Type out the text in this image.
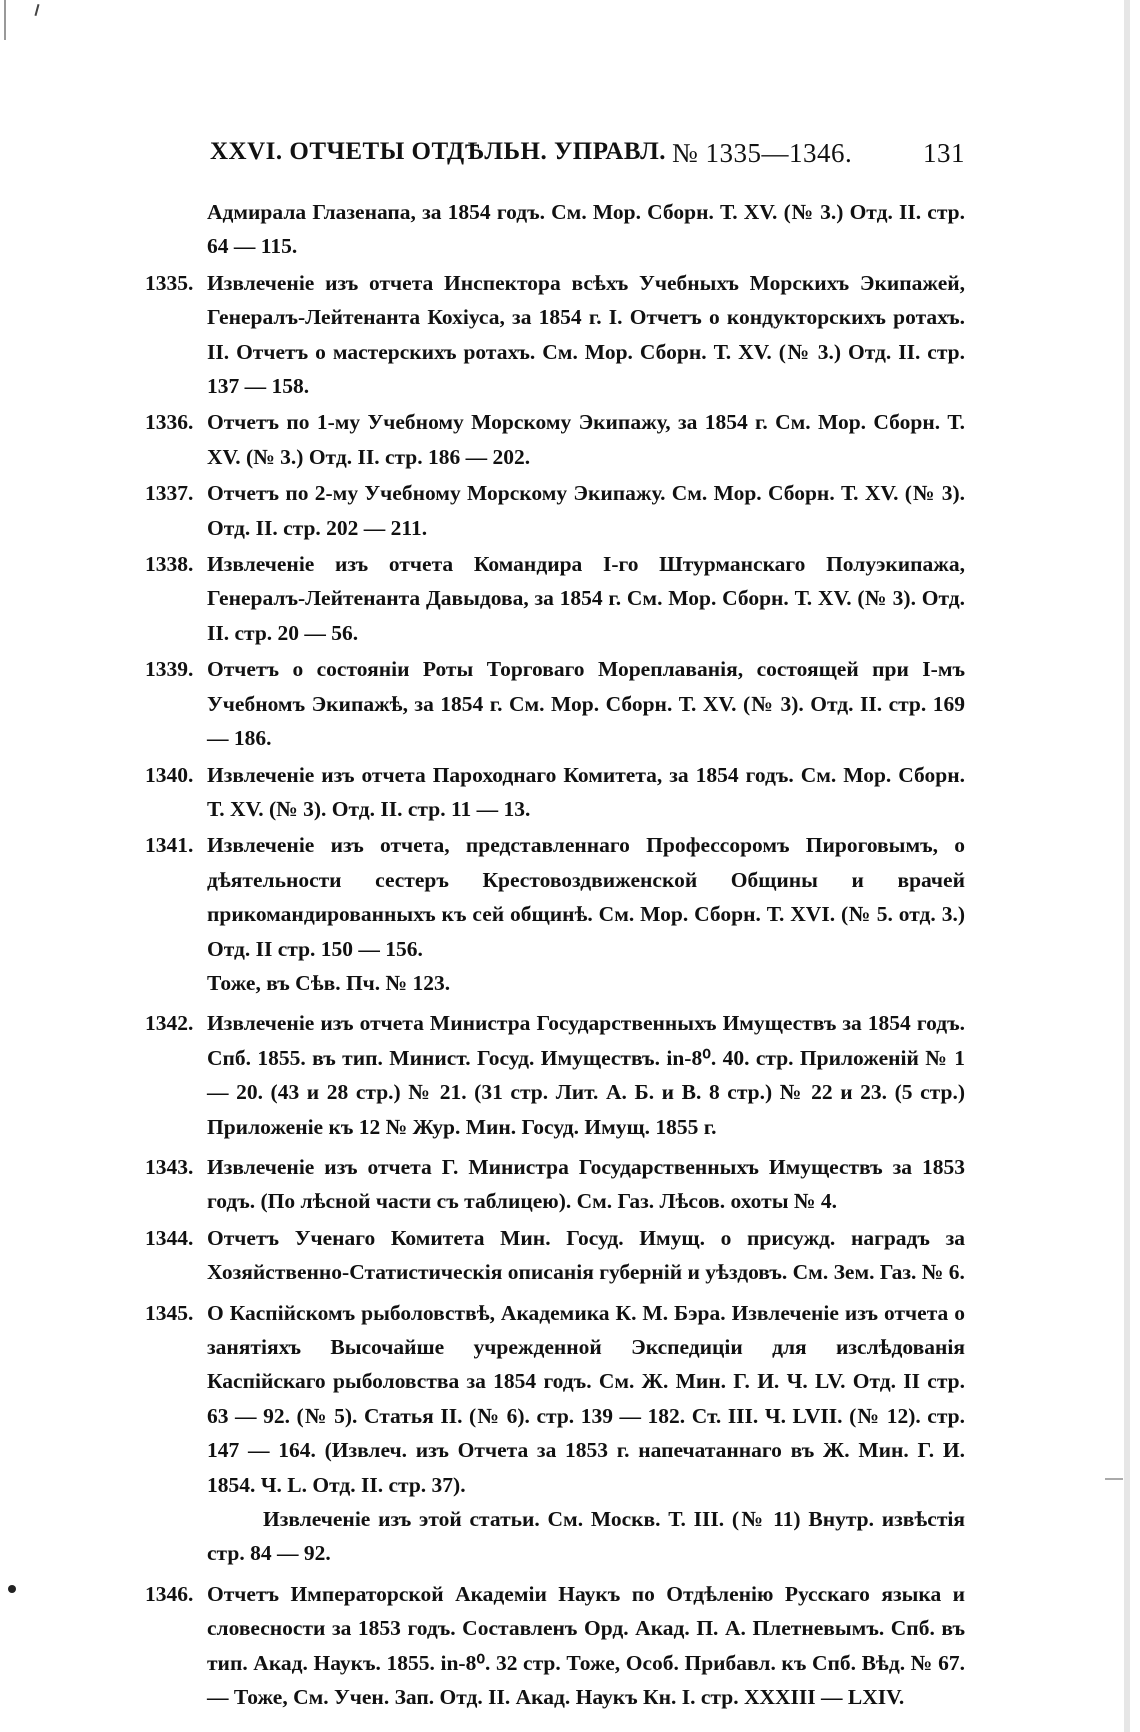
XXVI. ОТЧЕТЫ ОТДѢЛЬН. УПРАВЛ. № 1335—1346.	131

Адмирала Глазенапа, за 1854 годъ. См. Мор. Сборн. Т. XV. (№ 3.) Отд. II. стр. 64 — 115.

1335. Извлеченіе изъ отчета Инспектора всѣхъ Учебныхъ Морскихъ Экипажей, Генералъ-Лейтенанта Кохіуса, за 1854 г. I. Отчетъ о кондукторскихъ ротахъ. II. Отчетъ о мастерскихъ ротахъ. См. Мор. Сборн. Т. XV. (№ 3.) Отд. II. стр. 137 — 158.

1336. Отчетъ по 1-му Учебному Морскому Экипажу, за 1854 г. См. Мор. Сборн. Т. XV. (№ 3.) Отд. II. стр. 186 — 202.

1337. Отчетъ по 2-му Учебному Морскому Экипажу. См. Мор. Сборн. Т. XV. (№ 3). Отд. II. стр. 202 — 211.

1338. Извлеченіе изъ отчета Командира I-го Штурманскаго Полуэкипажа, Генералъ-Лейтенанта Давыдова, за 1854 г. См. Мор. Сборн. Т. XV. (№ 3). Отд. II. стр. 20 — 56.

1339. Отчетъ о состояніи Роты Торговаго Мореплаванія, состоящей при I-мъ Учебномъ Экипажѣ, за 1854 г. См. Мор. Сборн. Т. XV. (№ 3). Отд. II. стр. 169 — 186.

1340. Извлеченіе изъ отчета Пароходнаго Комитета, за 1854 годъ. См. Мор. Сборн. Т. XV. (№ 3). Отд. II. стр. 11 — 13.

1341. Извлеченіе изъ отчета, представленнаго Профессоромъ Пироговымъ, о дѣятельности сестеръ Крестовоздвиженской Общины и врачей прикомандированныхъ къ сей общинѣ. См. Мор. Сборн. Т. XVI. (№ 5. отд. 3.) Отд. II стр. 150 — 156.

Тоже, въ Сѣв. Пч. № 123.

1342. Извлеченіе изъ отчета Министра Государственныхъ Имуществъ за 1854 годъ. Спб. 1855. въ тип. Минист. Госуд. Имуществъ. in-8⁰. 40. стр. Приложеній № 1 — 20. (43 и 28 стр.) № 21. (31 стр. Лит. А. Б. и В. 8 стр.) № 22 и 23. (5 стр.) Приложеніе къ 12 № Жур. Мин. Госуд. Имущ. 1855 г.

1343. Извлеченіе изъ отчета Г. Министра Государственныхъ Имуществъ за 1853 годъ. (По лѣсной части съ таблицею). См. Газ. Лѣсов. охоты № 4.

1344. Отчетъ Ученаго Комитета Мин. Госуд. Имущ. о присужд. наградъ за Хозяйственно-Статистическія описанія губерній и уѣздовъ. См. Зем. Газ. № 6.

1345. О Каспійскомъ рыболовствѣ, Академика К. М. Бэра. Извлеченіе изъ отчета о занятіяхъ Высочайше учрежденной Экспедиціи для изслѣдованія Каспійскаго рыболовства за 1854 годъ. См. Ж. Мин. Г. И. Ч. LV. Отд. II стр. 63 — 92. (№ 5). Статья II. (№ 6). стр. 139 — 182. Ст. III. Ч. LVII. (№ 12). стр. 147 — 164. (Извлеч. изъ Отчета за 1853 г. напечатаннаго въ Ж. Мин. Г. И. 1854. Ч. L. Отд. II. стр. 37).

Извлеченіе изъ этой статьи. См. Москв. Т. III. (№ 11) Внутр. извѣстія стр. 84 — 92.

1346. Отчетъ Императорской Академіи Наукъ по Отдѣленію Русскаго языка и словесности за 1853 годъ. Составленъ Орд. Акад. П. А. Плетневымъ. Спб. въ тип. Акад. Наукъ. 1855. in-8⁰. 32 стр. Тоже, Особ. Прибавл. къ Спб. Вѣд. № 67. — Тоже, См. Учен. Зап. Отд. II. Акад. Наукъ Кн. I. стр. XXXIII — LXIV.
